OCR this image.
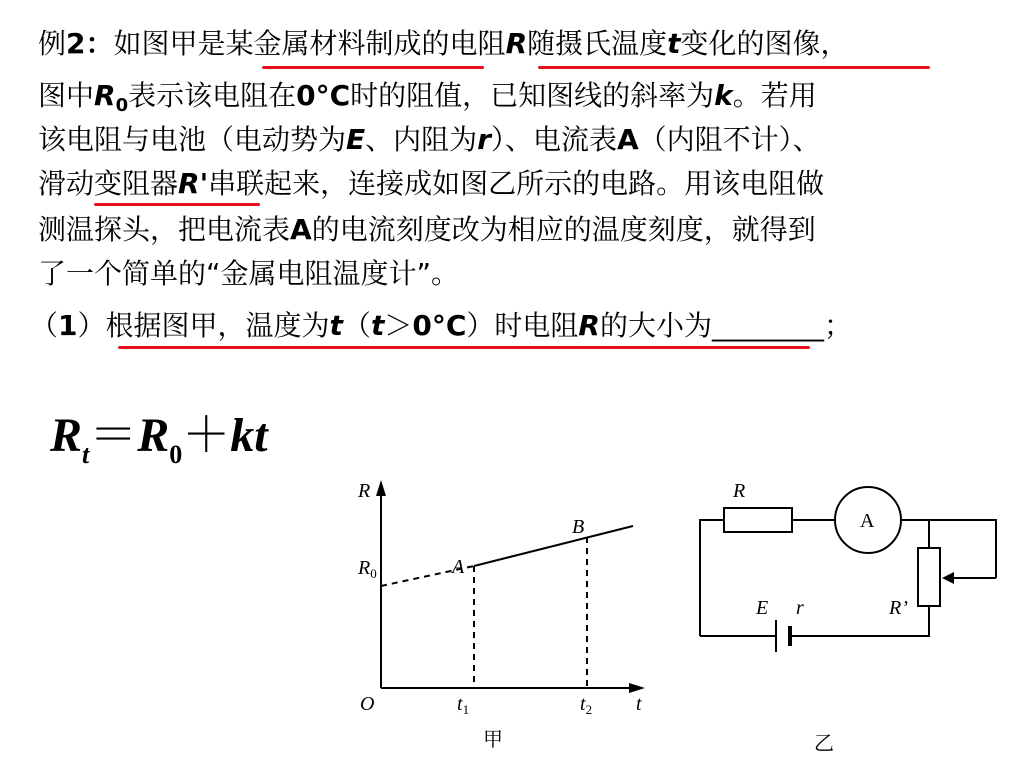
例2：如图甲是某金属材料制成的电阻R随摄氏温度t变化的图像，
图中$R_0$表示该电阻在0°C时的阻值，已知图线的斜率为k。若用
该电阻与电池（电动势为E、内阻为r）、电流表A（内阻不计）、
滑动变阻器R'串联起来，连接成如图乙所示的电路。用该电阻做
测温探头，把电流表A的电流刻度改为相应的温度刻度，就得到
了一个简单的“金属电阻温度计”。
（1）根据图甲，温度为t（t＞0°C）时电阻R的大小为________；
$R_t=R_0+kt$
R
t
O
$R_0$	A
B
$t_1$	$t_2$
R
A
E r	R’
甲	乙
